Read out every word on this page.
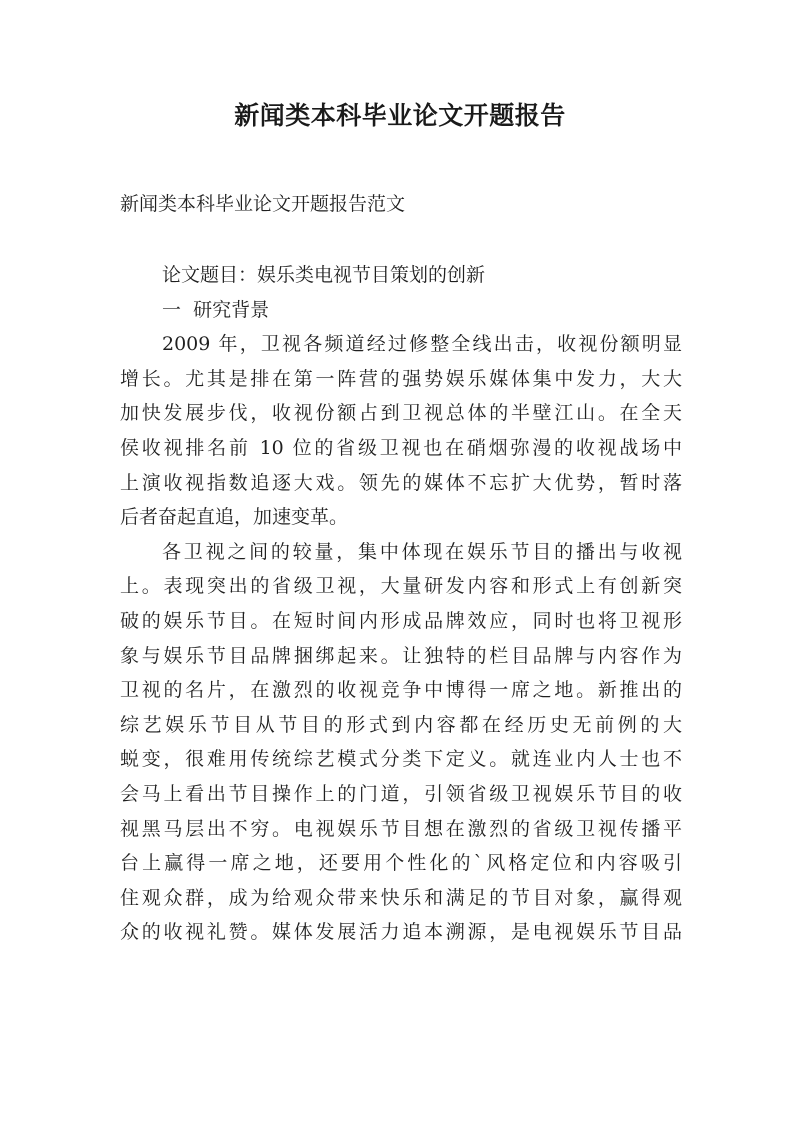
新闻类本科毕业论文开题报告
新闻类本科毕业论文开题报告范文
论文题目：娱乐类电视节目策划的创新
一  研究背景
2009 年，卫视各频道经过修整全线出击，收视份额明显
增长。尤其是排在第一阵营的强势娱乐媒体集中发力，大大
加快发展步伐，收视份额占到卫视总体的半壁江山。在全天
侯收视排名前 10 位的省级卫视也在硝烟弥漫的收视战场中
上演收视指数追逐大戏。领先的媒体不忘扩大优势，暂时落
后者奋起直追，加速变革。
各卫视之间的较量，集中体现在娱乐节目的播出与收视
上。表现突出的省级卫视，大量研发内容和形式上有创新突
破的娱乐节目。在短时间内形成品牌效应，同时也将卫视形
象与娱乐节目品牌捆绑起来。让独特的栏目品牌与内容作为
卫视的名片，在激烈的收视竞争中博得一席之地。新推出的
综艺娱乐节目从节目的形式到内容都在经历史无前例的大
蜕变，很难用传统综艺模式分类下定义。就连业内人士也不
会马上看出节目操作上的门道，引领省级卫视娱乐节目的收
视黑马层出不穷。电视娱乐节目想在激烈的省级卫视传播平
台上赢得一席之地，还要用个性化的`风格定位和内容吸引
住观众群，成为给观众带来快乐和满足的节目对象，赢得观
众的收视礼赞。媒体发展活力追本溯源，是电视娱乐节目品
